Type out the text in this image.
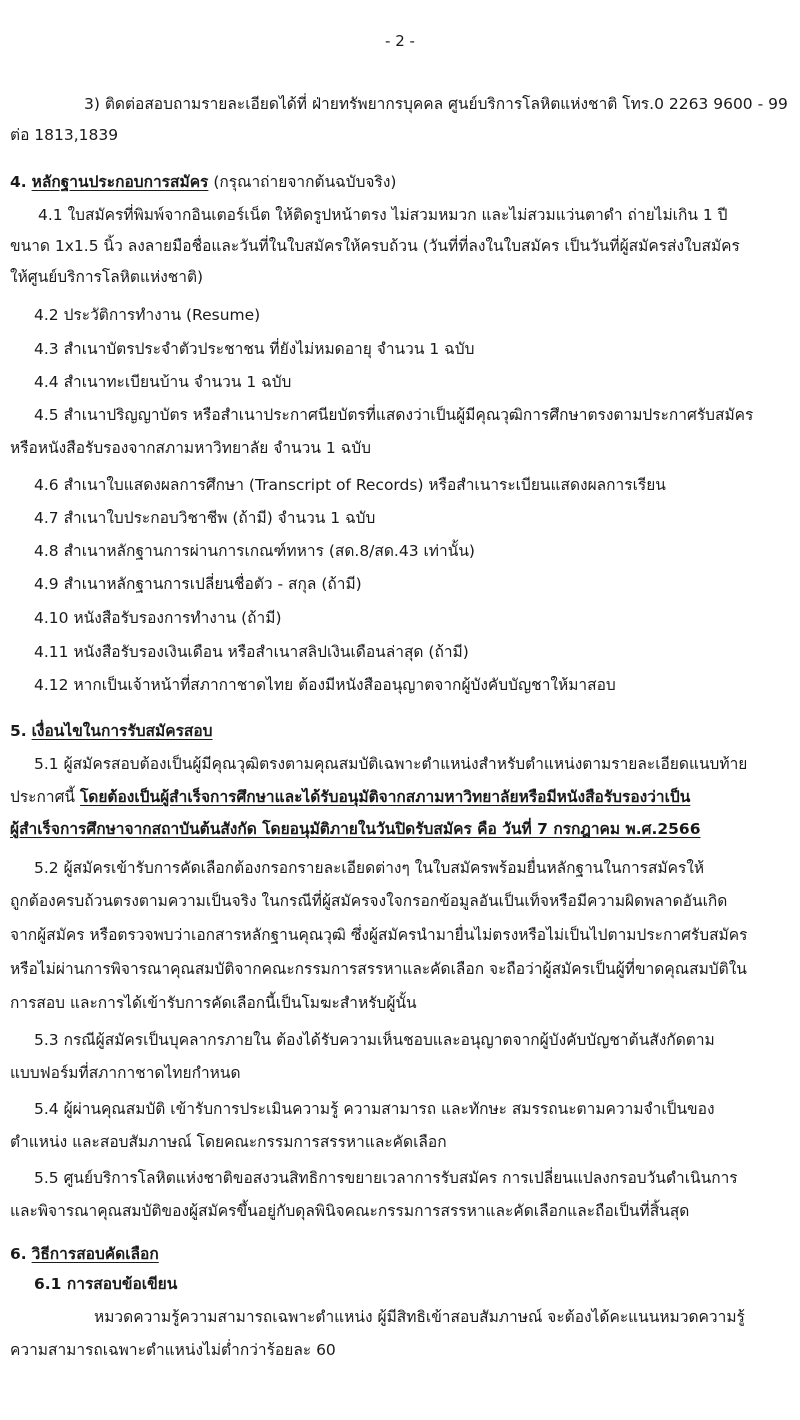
- 2 -
3) ติดต่อสอบถามรายละเอียดได้ที่ ฝ่ายทรัพยากรบุคคล ศูนย์บริการโลหิตแห่งชาติ โทร.0 2263 9600 - 99
ต่อ 1813,1839
4. หลักฐานประกอบการสมัคร (กรุณาถ่ายจากต้นฉบับจริง)
4.1 ใบสมัครที่พิมพ์จากอินเตอร์เน็ต ให้ติดรูปหน้าตรง ไม่สวมหมวก และไม่สวมแว่นตาดำ ถ่ายไม่เกิน 1 ปี
ขนาด 1x1.5 นิ้ว ลงลายมือชื่อและวันที่ในใบสมัครให้ครบถ้วน (วันที่ที่ลงในใบสมัคร เป็นวันที่ผู้สมัครส่งใบสมัคร
ให้ศูนย์บริการโลหิตแห่งชาติ)
4.2 ประวัติการทำงาน (Resume)
4.3 สำเนาบัตรประจำตัวประชาชน ที่ยังไม่หมดอายุ จำนวน 1 ฉบับ
4.4 สำเนาทะเบียนบ้าน จำนวน 1 ฉบับ
4.5 สำเนาปริญญาบัตร หรือสำเนาประกาศนียบัตรที่แสดงว่าเป็นผู้มีคุณวุฒิการศึกษาตรงตามประกาศรับสมัคร
หรือหนังสือรับรองจากสภามหาวิทยาลัย จำนวน 1 ฉบับ
4.6 สำเนาใบแสดงผลการศึกษา (Transcript of Records) หรือสำเนาระเบียนแสดงผลการเรียน
4.7 สำเนาใบประกอบวิชาชีพ (ถ้ามี) จำนวน 1 ฉบับ
4.8 สำเนาหลักฐานการผ่านการเกณฑ์ทหาร (สด.8/สด.43 เท่านั้น)
4.9 สำเนาหลักฐานการเปลี่ยนชื่อตัว - สกุล (ถ้ามี)
4.10 หนังสือรับรองการทำงาน (ถ้ามี)
4.11 หนังสือรับรองเงินเดือน หรือสำเนาสลิปเงินเดือนล่าสุด (ถ้ามี)
4.12 หากเป็นเจ้าหน้าที่สภากาชาดไทย ต้องมีหนังสืออนุญาตจากผู้บังคับบัญชาให้มาสอบ
5. เงื่อนไขในการรับสมัครสอบ
5.1 ผู้สมัครสอบต้องเป็นผู้มีคุณวุฒิตรงตามคุณสมบัติเฉพาะตำแหน่งสำหรับตำแหน่งตามรายละเอียดแนบท้าย
ประกาศนี้ โดยต้องเป็นผู้สำเร็จการศึกษาและได้รับอนุมัติจากสภามหาวิทยาลัยหรือมีหนังสือรับรองว่าเป็น
ผู้สำเร็จการศึกษาจากสถาบันต้นสังกัด โดยอนุมัติภายในวันปิดรับสมัคร คือ วันที่ 7 กรกฎาคม พ.ศ.2566
5.2 ผู้สมัครเข้ารับการคัดเลือกต้องกรอกรายละเอียดต่างๆ ในใบสมัครพร้อมยื่นหลักฐานในการสมัครให้
ถูกต้องครบถ้วนตรงตามความเป็นจริง ในกรณีที่ผู้สมัครจงใจกรอกข้อมูลอันเป็นเท็จหรือมีความผิดพลาดอันเกิด
จากผู้สมัคร หรือตรวจพบว่าเอกสารหลักฐานคุณวุฒิ ซึ่งผู้สมัครนำมายื่นไม่ตรงหรือไม่เป็นไปตามประกาศรับสมัคร
หรือไม่ผ่านการพิจารณาคุณสมบัติจากคณะกรรมการสรรหาและคัดเลือก จะถือว่าผู้สมัครเป็นผู้ที่ขาดคุณสมบัติใน
การสอบ และการได้เข้ารับการคัดเลือกนี้เป็นโมฆะสำหรับผู้นั้น
5.3 กรณีผู้สมัครเป็นบุคลากรภายใน ต้องได้รับความเห็นชอบและอนุญาตจากผู้บังคับบัญชาต้นสังกัดตาม
แบบฟอร์มที่สภากาชาดไทยกำหนด
5.4 ผู้ผ่านคุณสมบัติ เข้ารับการประเมินความรู้ ความสามารถ และทักษะ สมรรถนะตามความจำเป็นของ
ตำแหน่ง และสอบสัมภาษณ์ โดยคณะกรรมการสรรหาและคัดเลือก
5.5 ศูนย์บริการโลหิตแห่งชาติขอสงวนสิทธิการขยายเวลาการรับสมัคร การเปลี่ยนแปลงกรอบวันดำเนินการ
และพิจารณาคุณสมบัติของผู้สมัครขึ้นอยู่กับดุลพินิจคณะกรรมการสรรหาและคัดเลือกและถือเป็นที่สิ้นสุด
6. วิธีการสอบคัดเลือก
6.1 การสอบข้อเขียน
หมวดความรู้ความสามารถเฉพาะตำแหน่ง ผู้มีสิทธิเข้าสอบสัมภาษณ์ จะต้องได้คะแนนหมวดความรู้
ความสามารถเฉพาะตำแหน่งไม่ต่ำกว่าร้อยละ 60
